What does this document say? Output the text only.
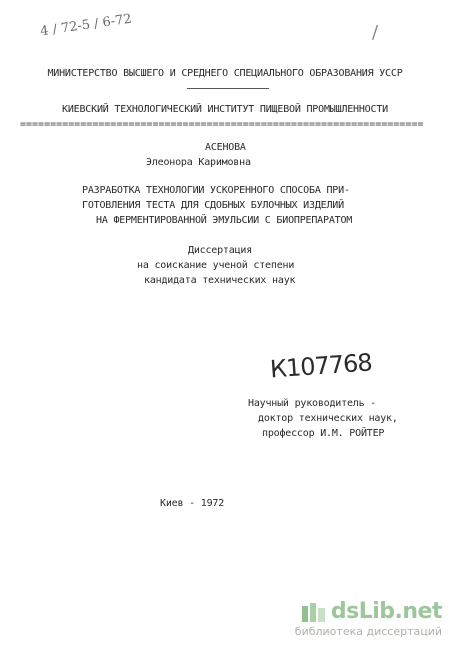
4 / 72-5 / 6-72	/
МИНИСТЕРСТВО ВЫСШЕГО И СРЕДНЕГО СПЕЦИАЛЬНОГО ОБРАЗОВАНИЯ УССР
КИЕВСКИЙ ТЕХНОЛОГИЧЕСКИЙ ИНСТИТУТ ПИЩЕВОЙ ПРОМЫШЛЕННОСТИ
===================================================================
АСЕНОВА
Элеонора Каримовна
РАЗРАБОТКА ТЕХНОЛОГИИ УСКОРЕННОГО СПОСОБА ПРИ-
ГОТОВЛЕНИЯ ТЕСТА ДЛЯ СДОБНЫХ БУЛОЧНЫХ ИЗДЕЛИЙ
НА ФЕРМЕНТИРОВАННОЙ ЭМУЛЬСИИ С БИОПРЕПАРАТОМ
Диссертация
на соискание ученой степени
кандидата технических наук
К107768
Научный руководитель -
доктор технических наук,
профессор И.М. РОЙТЕР
Киев - 1972
dsLib.net
библиотека диссертаций
